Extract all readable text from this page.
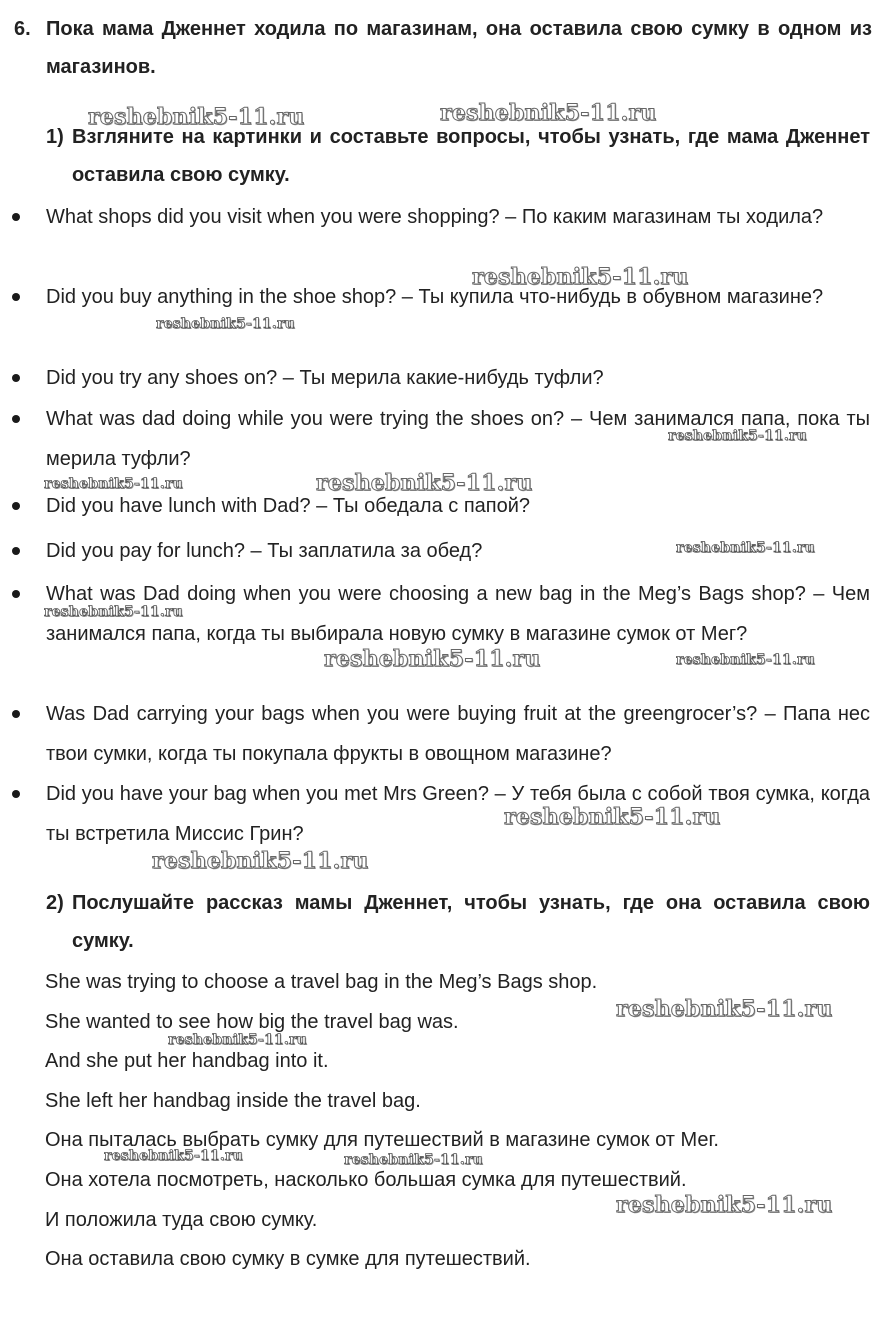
6. Пока мама Дженнет ходила по магазинам, она оставила свою сумку в одном из магазинов.
1) Взгляните на картинки и составьте вопросы, чтобы узнать, где мама Дженнет оставила свою сумку.
What shops did you visit when you were shopping? – По каким магазинам ты ходила?
Did you buy anything in the shoe shop? – Ты купила что-нибудь в обувном магазине?
Did you try any shoes on? – Ты мерила какие-нибудь туфли?
What was dad doing while you were trying the shoes on? – Чем занимался папа, пока ты мерила туфли?
Did you have lunch with Dad? – Ты обедала с папой?
Did you pay for lunch? – Ты заплатила за обед?
What was Dad doing when you were choosing a new bag in the Meg’s Bags shop? – Чем занимался папа, когда ты выбирала новую сумку в магазине сумок от Мег?
Was Dad carrying your bags when you were buying fruit at the greengrocer’s? – Папа нес твои сумки, когда ты покупала фрукты в овощном магазине?
Did you have your bag when you met Mrs Green? – У тебя была с собой твоя сумка, когда ты встретила Миссис Грин?
2) Послушайте рассказ мамы Дженнет, чтобы узнать, где она оставила свою сумку.
She was trying to choose a travel bag in the Meg’s Bags shop.
She wanted to see how big the travel bag was.
And she put her handbag into it.
She left her handbag inside the travel bag.
Она пыталась выбрать сумку для путешествий в магазине сумок от Мег.
Она хотела посмотреть, насколько большая сумка для путешествий.
И положила туда свою сумку.
Она оставила свою сумку в сумке для путешествий.
reshebnik5-11.ru	reshebnik5-11.ru
reshebnik5-11.ru
reshebnik5-11.ru
reshebnik5-11.ru
reshebnik5-11.ru	reshebnik5-11.ru
reshebnik5-11.ru
reshebnik5-11.ru
reshebnik5-11.ru	reshebnik5-11.ru
reshebnik5-11.ru
reshebnik5-11.ru
reshebnik5-11.ru
reshebnik5-11.ru
reshebnik5-11.ru	reshebnik5-11.ru
reshebnik5-11.ru
